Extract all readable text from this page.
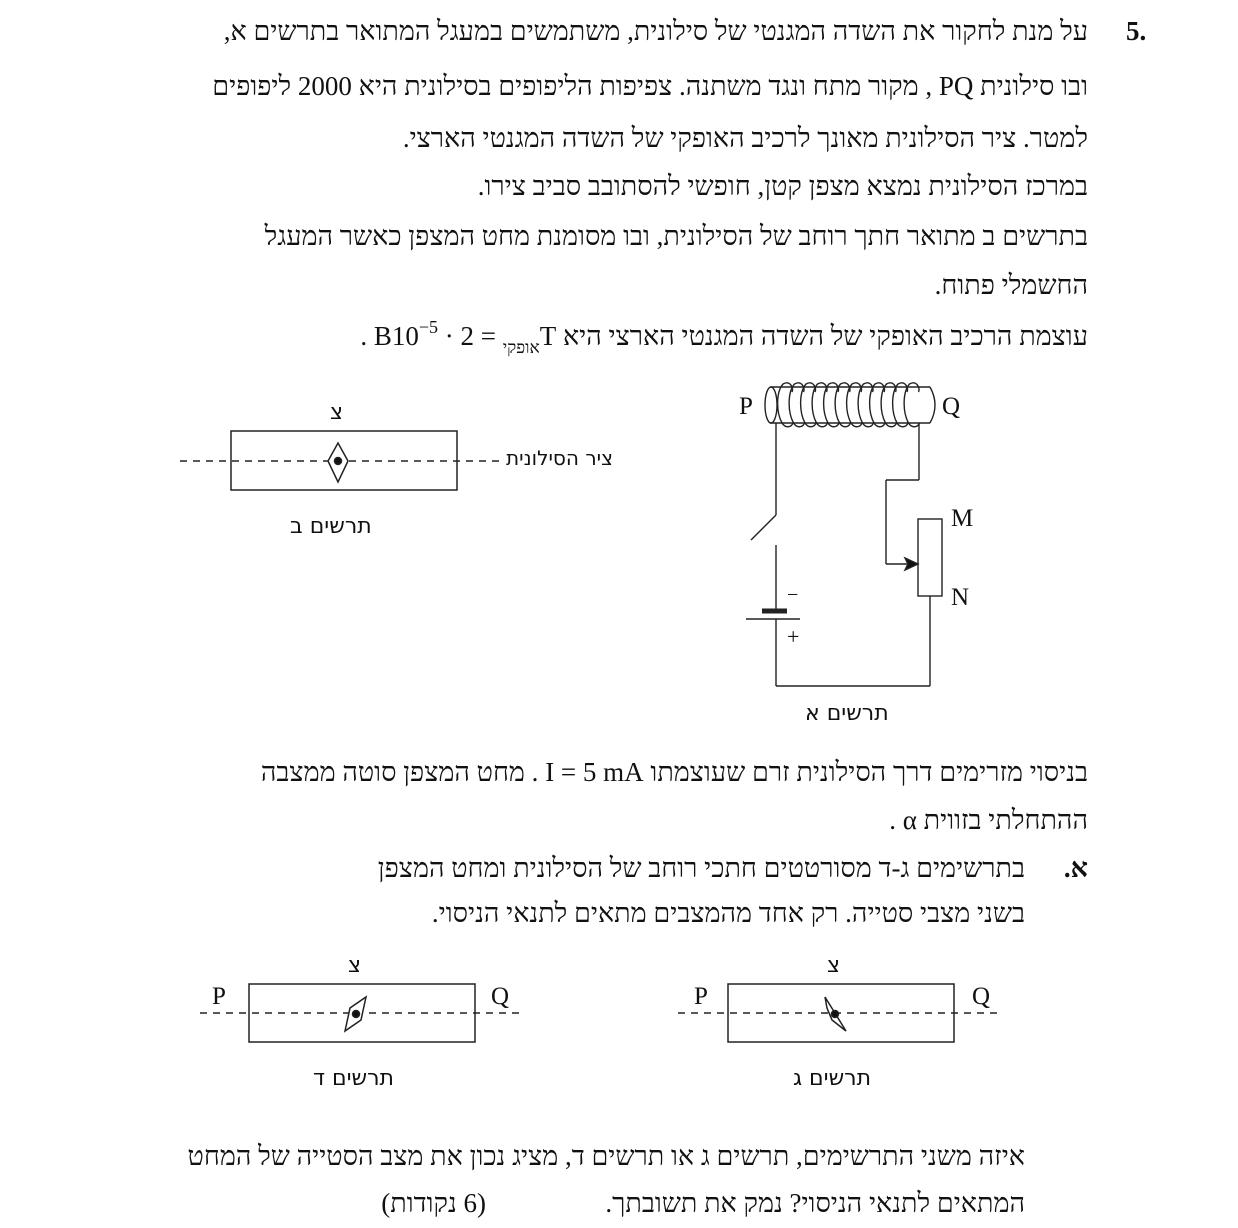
5.
על מנת לחקור את השדה המגנטי של סילונית, משתמשים במעגל המתואר בתרשים א,
ובו סילונית PQ , מקור מתח ונגד משתנה. צפיפות הליפופים בסילונית היא 2000 ליפופים
למטר. ציר הסילונית מאונך לרכיב האופקי של השדה המגנטי הארצי.
במרכז הסילונית נמצא מצפן קטן, חופשי להסתובב סביב צירו.
בתרשים ב מתואר חתך רוחב של הסילונית, ובו מסומנת מחט המצפן כאשר המעגל
החשמלי פתוח.
עוצמת הרכיב האופקי של השדה המגנטי הארצי היא B	$_{אופקי} = 2 \cdot 10^{-5}$	T .
צ
ציר הסילונית
תרשים ב
P	Q
M
N
−
+
תרשים א
בניסוי מזרימים דרך הסילונית זרם שעוצמתו I = 5 mA . מחט המצפן סוטה ממצבה
ההתחלתי בזווית α .
א.
בתרשימים ג-ד מסורטטים חתכי רוחב של הסילונית ומחט המצפן
בשני מצבי סטייה. רק אחד מהמצבים מתאים לתנאי הניסוי.
צ
P	Q
תרשים ד
צ
P	Q
תרשים ג
איזה משני התרשימים, תרשים ג או תרשים ד, מציג נכון את מצב הסטייה של המחט
המתאים לתנאי הניסוי? נמק את תשובתך.
(6 נקודות)
